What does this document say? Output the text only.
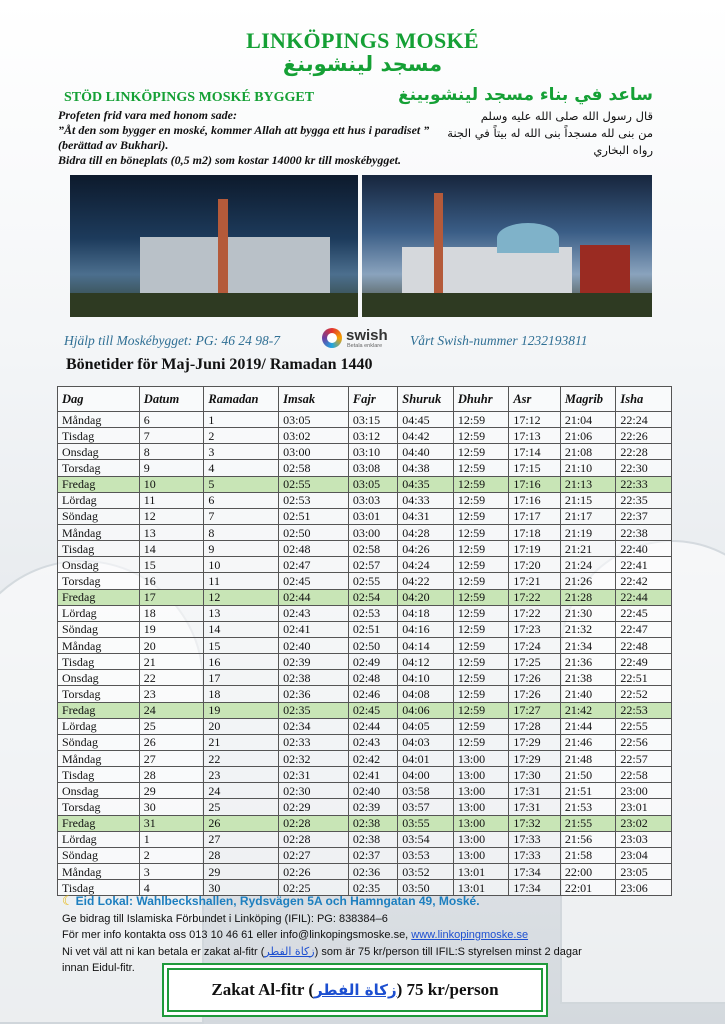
LINKÖPINGS MOSKÉ
مسجد لينشوبنغ
STÖD LINKÖPINGS MOSKÉ BYGGET	ساعد في بناء مسجد لينشوبينغ
Profeten frid vara med honom sade:
”Åt den som bygger en moské, kommer Allah att bygga ett hus i paradiset ”
(berättad av Bukhari).
Bidra till en böneplats (0,5 m2) som kostar 14000 kr till moskébygget.
قال رسول الله صلى الله عليه وسلم
من بنى لله مسجداً بنى الله له بيتاً في الجنة
رواه البخاري
Hjälp till Moskébygget: PG: 46 24 98-7	swish
Betala enklare Vårt Swish-nummer 1232193811
Bönetider för Maj-Juni 2019/ Ramadan 1440
Dag	Datum	Ramadan	Imsak	Fajr	Shuruk	Dhuhr	Asr	Magrib	Isha
Måndag	6	1	03:05	03:15	04:45	12:59	17:12	21:04	22:24
Tisdag	7	2	03:02	03:12	04:42	12:59	17:13	21:06	22:26
Onsdag	8	3	03:00	03:10	04:40	12:59	17:14	21:08	22:28
Torsdag	9	4	02:58	03:08	04:38	12:59	17:15	21:10	22:30
Fredag	10	5	02:55	03:05	04:35	12:59	17:16	21:13	22:33
Lördag	11	6	02:53	03:03	04:33	12:59	17:16	21:15	22:35
Söndag	12	7	02:51	03:01	04:31	12:59	17:17	21:17	22:37
Måndag	13	8	02:50	03:00	04:28	12:59	17:18	21:19	22:38
Tisdag	14	9	02:48	02:58	04:26	12:59	17:19	21:21	22:40
Onsdag	15	10	02:47	02:57	04:24	12:59	17:20	21:24	22:41
Torsdag	16	11	02:45	02:55	04:22	12:59	17:21	21:26	22:42
Fredag	17	12	02:44	02:54	04:20	12:59	17:22	21:28	22:44
Lördag	18	13	02:43	02:53	04:18	12:59	17:22	21:30	22:45
Söndag	19	14	02:41	02:51	04:16	12:59	17:23	21:32	22:47
Måndag	20	15	02:40	02:50	04:14	12:59	17:24	21:34	22:48
Tisdag	21	16	02:39	02:49	04:12	12:59	17:25	21:36	22:49
Onsdag	22	17	02:38	02:48	04:10	12:59	17:26	21:38	22:51
Torsdag	23	18	02:36	02:46	04:08	12:59	17:26	21:40	22:52
Fredag	24	19	02:35	02:45	04:06	12:59	17:27	21:42	22:53
Lördag	25	20	02:34	02:44	04:05	12:59	17:28	21:44	22:55
Söndag	26	21	02:33	02:43	04:03	12:59	17:29	21:46	22:56
Måndag	27	22	02:32	02:42	04:01	13:00	17:29	21:48	22:57
Tisdag	28	23	02:31	02:41	04:00	13:00	17:30	21:50	22:58
Onsdag	29	24	02:30	02:40	03:58	13:00	17:31	21:51	23:00
Torsdag	30	25	02:29	02:39	03:57	13:00	17:31	21:53	23:01
Fredag	31	26	02:28	02:38	03:55	13:00	17:32	21:55	23:02
Lördag	1	27	02:28	02:38	03:54	13:00	17:33	21:56	23:03
Söndag	2	28	02:27	02:37	03:53	13:00	17:33	21:58	23:04
Måndag	3	29	02:26	02:36	03:52	13:01	17:34	22:00	23:05
Tisdag	4	30	02:25	02:35	03:50	13:01	17:34	22:01	23:06
☾ Eid Lokal: Wahlbeckshallen, Rydsvägen 5A och Hamngatan 49, Moské.
Ge bidrag till Islamiska Förbundet i Linköping (IFIL): PG: 838384–6
För mer info kontakta oss 013 10 46 61 eller info@linkopingsmoske.se, www.linkopingmoske.se
Ni vet väl att ni kan betala er zakat al-fitr (زكاة الفطر) som är 75 kr/person till IFIL:S styrelsen minst 2 dagar
innan Eidul-fitr.
Zakat Al-fitr (زكاة الفطر) 75 kr/person
